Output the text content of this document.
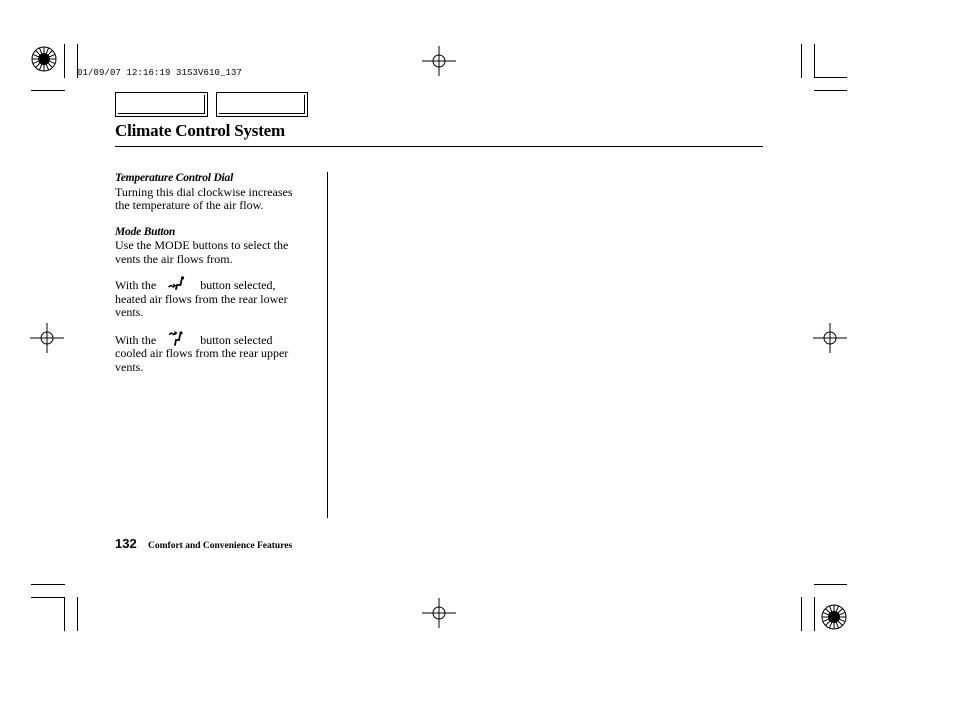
01/09/07 12:16:19 31S3V610_137
Climate Control System
Temperature Control Dial

Turning this dial clockwise increases

the temperature of the air flow.

Mode Button

Use the MODE buttons to select the

vents the air flows from.

With the	button selected,

heated air flows from the rear lower

vents.

With the	button selected

cooled air flows from the rear upper

vents.

132 Comfort and Convenience Features
